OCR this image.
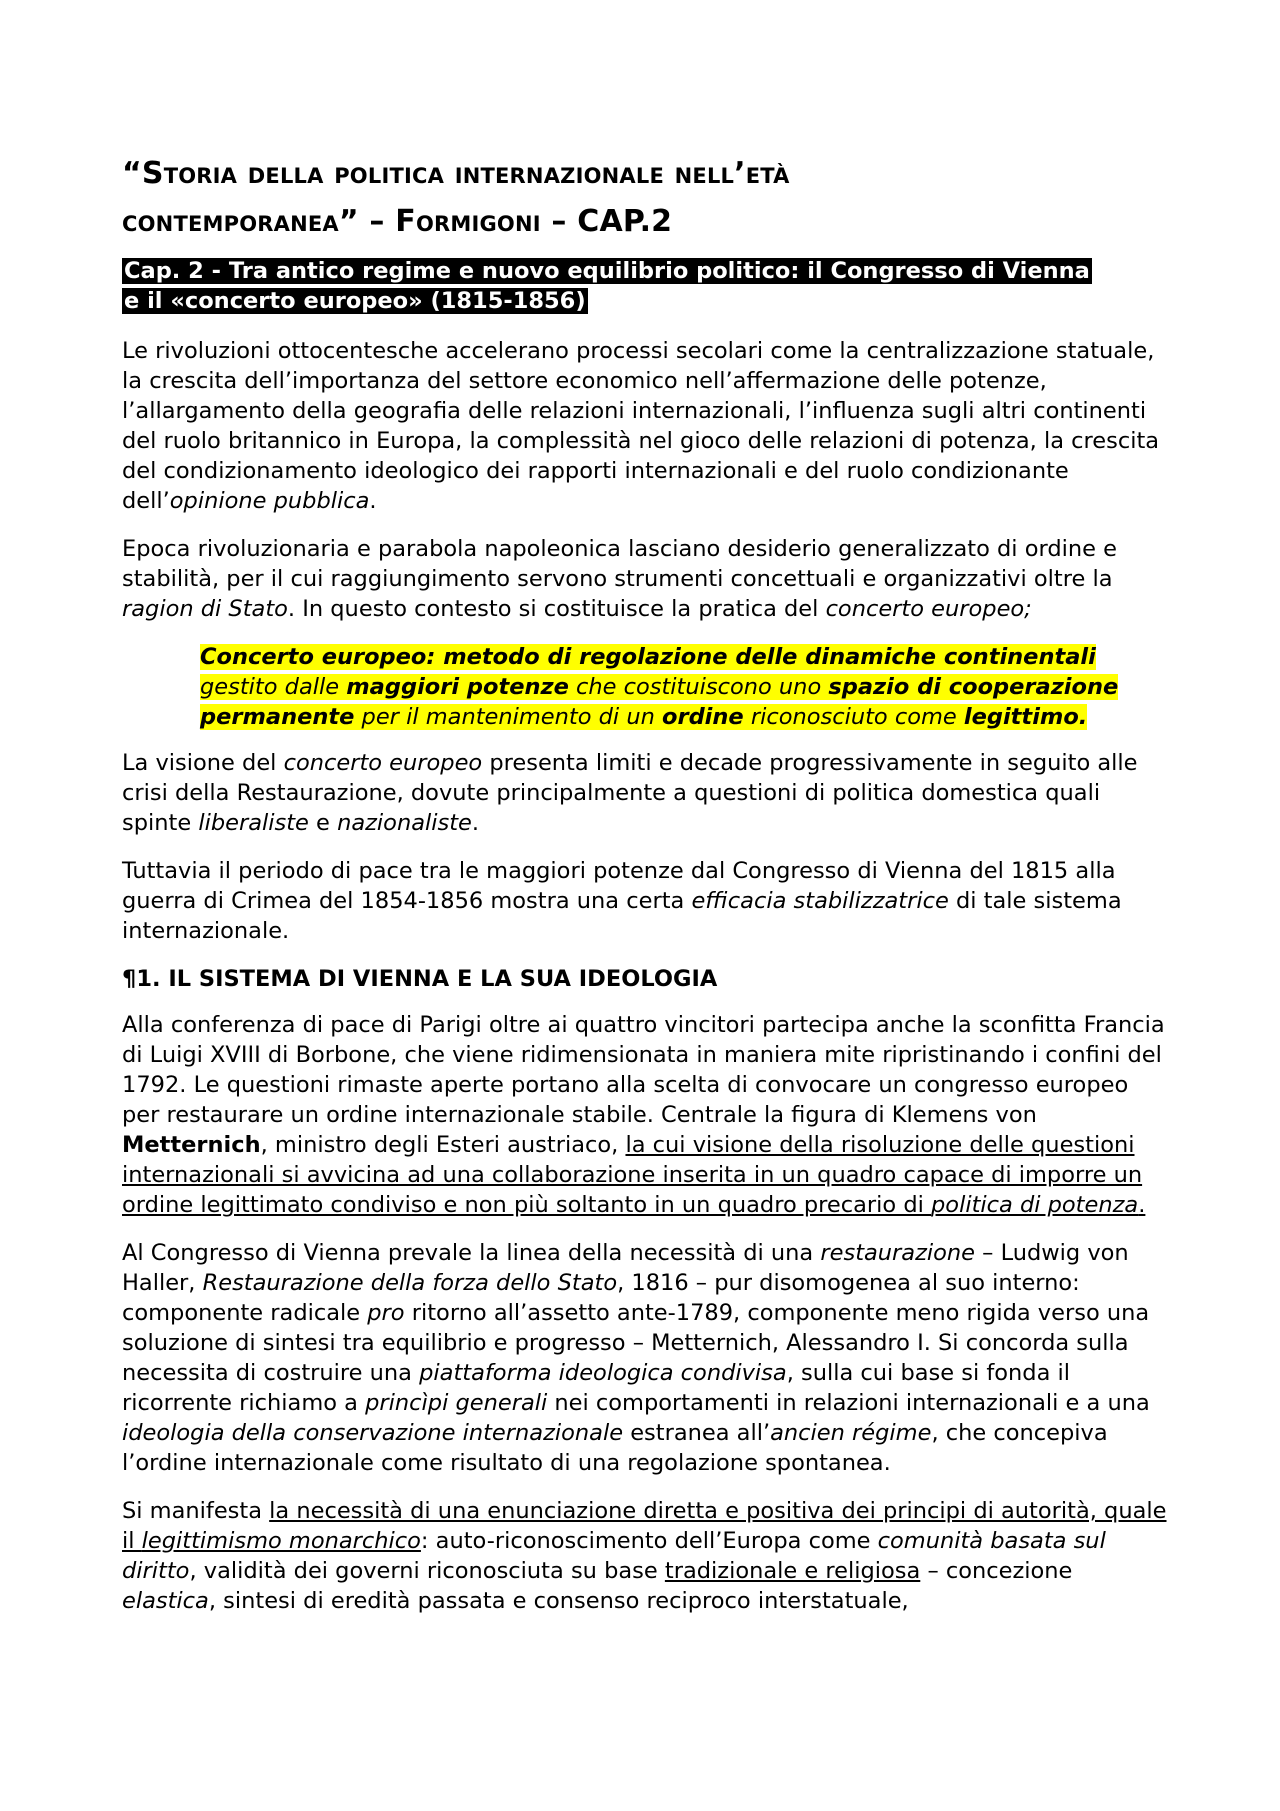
“Storia della politica internazionale nell’età
contemporanea” – Formigoni – CAP.2
Cap. 2 - Tra antico regime e nuovo equilibrio politico: il Congresso di Vienna
e il «concerto europeo» (1815-1856)

Le rivoluzioni ottocentesche accelerano processi secolari come la centralizzazione statuale, la crescita dell’importanza del settore economico nell’affermazione delle potenze, l’allargamento della geografia delle relazioni internazionali, l’influenza sugli altri continenti del ruolo britannico in Europa, la complessità nel gioco delle relazioni di potenza, la crescita del condizionamento ideologico dei rapporti internazionali e del ruolo condizionante dell’opinione pubblica.

Epoca rivoluzionaria e parabola napoleonica lasciano desiderio generalizzato di ordine e stabilità, per il cui raggiungimento servono strumenti concettuali e organizzativi oltre la ragion di Stato. In questo contesto si costituisce la pratica del concerto europeo;

Concerto europeo: metodo di regolazione delle dinamiche continentali gestito dalle maggiori potenze che costituiscono uno spazio di cooperazione permanente per il mantenimento di un ordine riconosciuto come legittimo.

La visione del concerto europeo presenta limiti e decade progressivamente in seguito alle crisi della Restaurazione, dovute principalmente a questioni di politica domestica quali spinte liberaliste e nazionaliste.

Tuttavia il periodo di pace tra le maggiori potenze dal Congresso di Vienna del 1815 alla guerra di Crimea del 1854-1856 mostra una certa efficacia stabilizzatrice di tale sistema internazionale.

¶1. IL SISTEMA DI VIENNA E LA SUA IDEOLOGIA

Alla conferenza di pace di Parigi oltre ai quattro vincitori partecipa anche la sconfitta Francia di Luigi XVIII di Borbone, che viene ridimensionata in maniera mite ripristinando i confini del 1792. Le questioni rimaste aperte portano alla scelta di convocare un congresso europeo per restaurare un ordine internazionale stabile. Centrale la figura di Klemens von Metternich, ministro degli Esteri austriaco, la cui visione della risoluzione delle questioni internazionali si avvicina ad una collaborazione inserita in un quadro capace di imporre un ordine legittimato condiviso e non più soltanto in un quadro precario di politica di potenza.

Al Congresso di Vienna prevale la linea della necessità di una restaurazione – Ludwig von Haller, Restaurazione della forza dello Stato, 1816 – pur disomogenea al suo interno: componente radicale pro ritorno all’assetto ante-1789, componente meno rigida verso una soluzione di sintesi tra equilibrio e progresso – Metternich, Alessandro I. Si concorda sulla necessita di costruire una piattaforma ideologica condivisa, sulla cui base si fonda il ricorrente richiamo a princìpi generali nei comportamenti in relazioni internazionali e a una ideologia della conservazione internazionale estranea all’ancien régime, che concepiva l’ordine internazionale come risultato di una regolazione spontanea.

Si manifesta la necessità di una enunciazione diretta e positiva dei principi di autorità, quale il legittimismo monarchico: auto-riconoscimento dell’Europa come comunità basata sul diritto, validità dei governi riconosciuta su base tradizionale e religiosa – concezione elastica, sintesi di eredità passata e consenso reciproco interstatuale,
